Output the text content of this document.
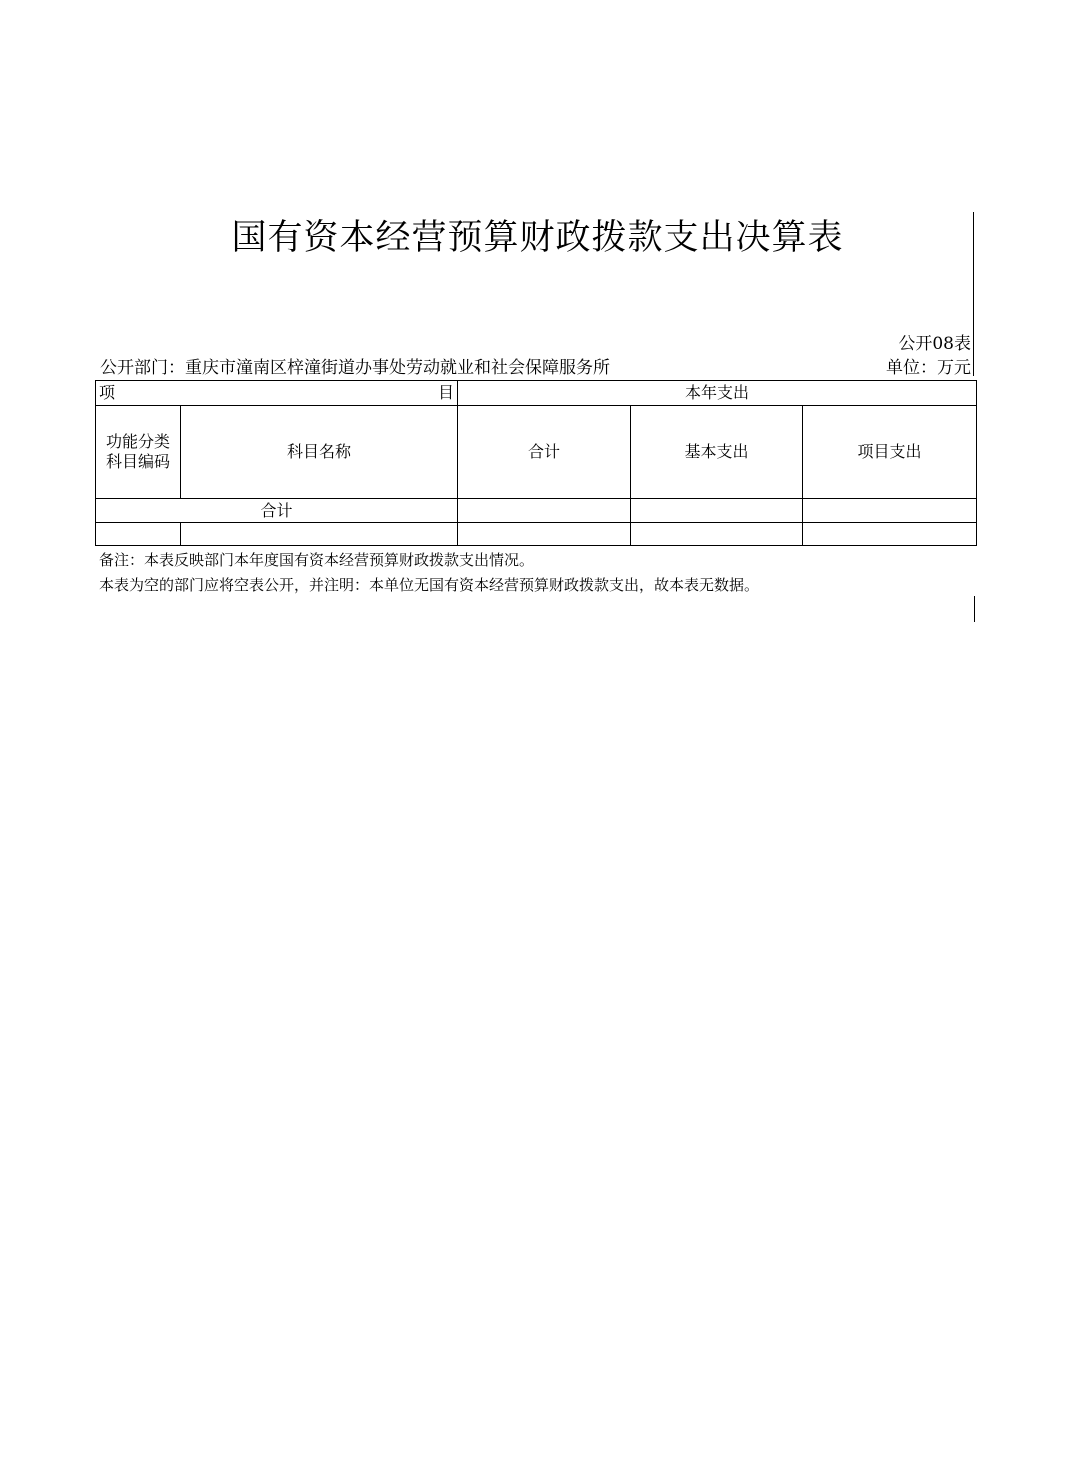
国有资本经营预算财政拨款支出决算表
公开08表
公开部门：重庆市潼南区梓潼街道办事处劳动就业和社会保障服务所	单位：万元
项 目		本年支出		

功能分类
科目编码	科目名称	合计	基本支出	项目支出
合计				

备注：本表反映部门本年度国有资本经营预算财政拨款支出情况。
本表为空的部门应将空表公开，并注明：本单位无国有资本经营预算财政拨款支出，故本表无数据。
